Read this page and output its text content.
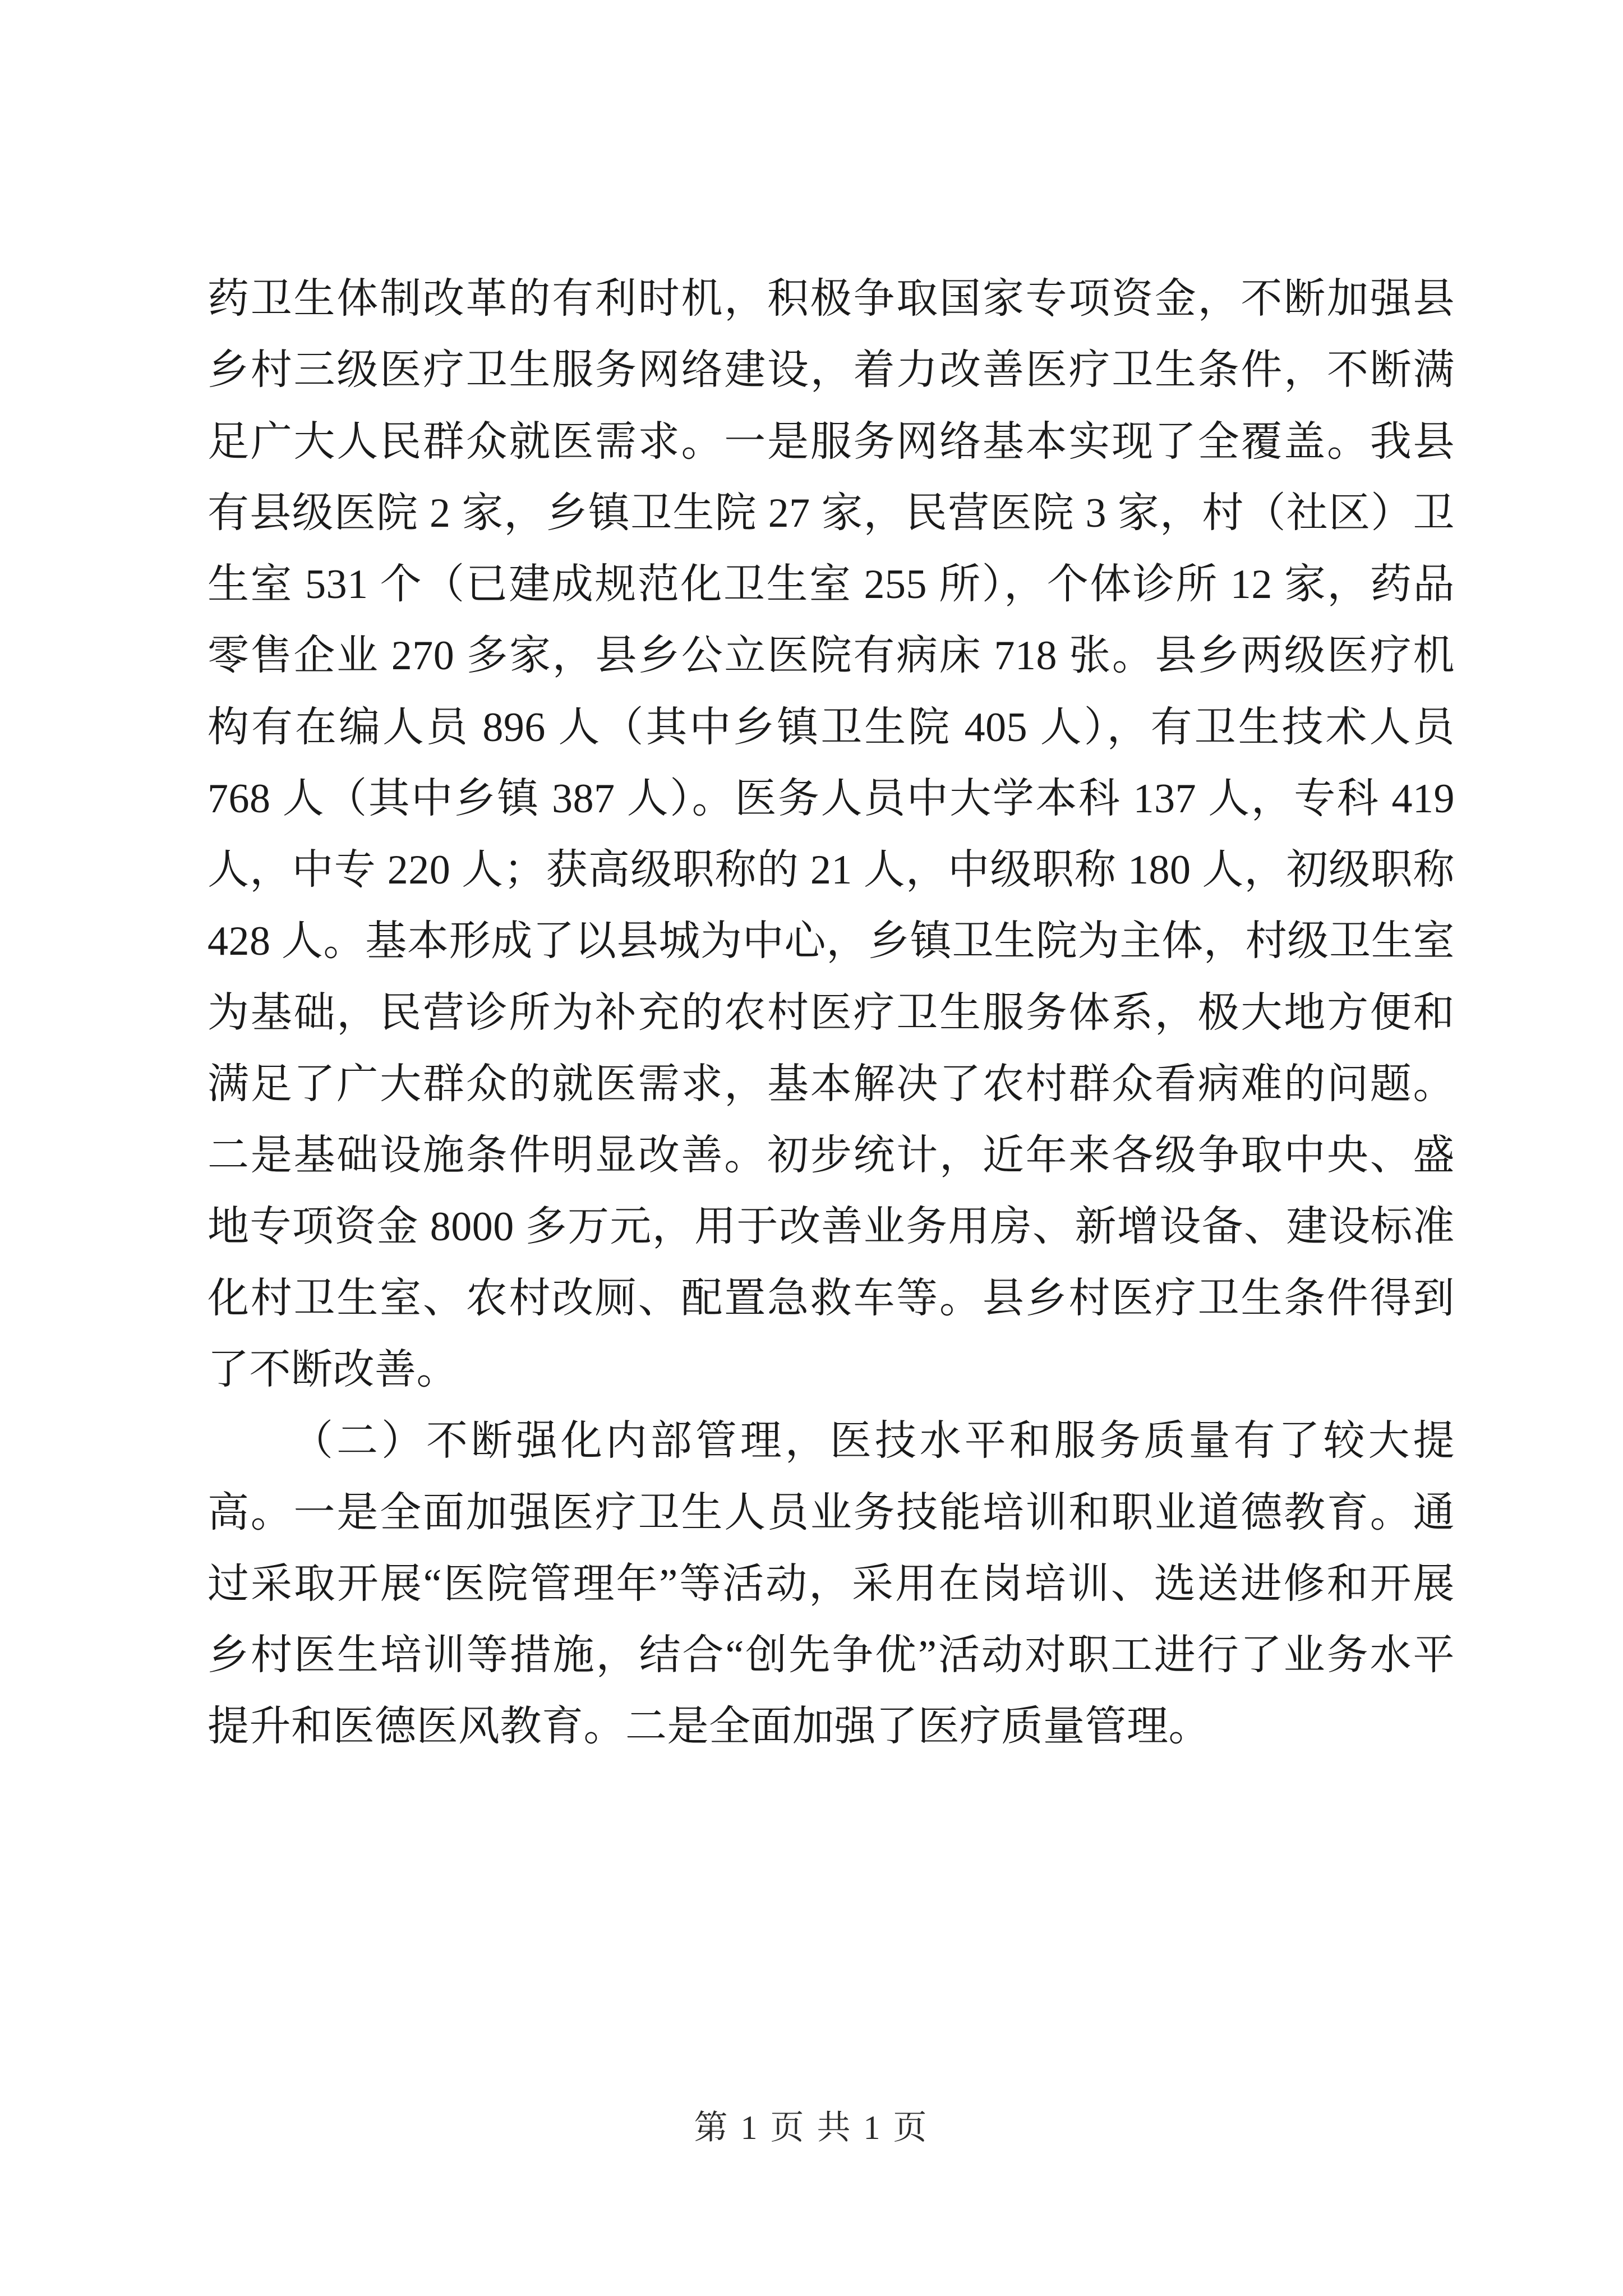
药卫生体制改革的有利时机，积极争取国家专项资金，不断加强县乡村三级医疗卫生服务网络建设，着力改善医疗卫生条件，不断满足广大人民群众就医需求。一是服务网络基本实现了全覆盖。我县有县级医院 2 家，乡镇卫生院 27 家，民营医院 3 家，村（社区）卫生室 531 个（已建成规范化卫生室 255 所），个体诊所 12 家，药品零售企业 270 多家，县乡公立医院有病床 718 张。县乡两级医疗机构有在编人员 896 人（其中乡镇卫生院 405 人），有卫生技术人员 768 人（其中乡镇 387 人）。医务人员中大学本科 137 人，专科 419 人，中专 220 人；获高级职称的 21 人，中级职称 180 人，初级职称 428 人。基本形成了以县城为中心，乡镇卫生院为主体，村级卫生室为基础，民营诊所为补充的农村医疗卫生服务体系，极大地方便和满足了广大群众的就医需求，基本解决了农村群众看病难的问题。二是基础设施条件明显改善。初步统计，近年来各级争取中央、盛地专项资金 8000 多万元，用于改善业务用房、新增设备、建设标准化村卫生室、农村改厕、配置急救车等。县乡村医疗卫生条件得到了不断改善。

（二）不断强化内部管理，医技水平和服务质量有了较大提高。一是全面加强医疗卫生人员业务技能培训和职业道德教育。通过采取开展“医院管理年”等活动，采用在岗培训、选送进修和开展乡村医生培训等措施，结合“创先争优”活动对职工进行了业务水平提升和医德医风教育。二是全面加强了医疗质量管理。

第 1 页 共 1 页
